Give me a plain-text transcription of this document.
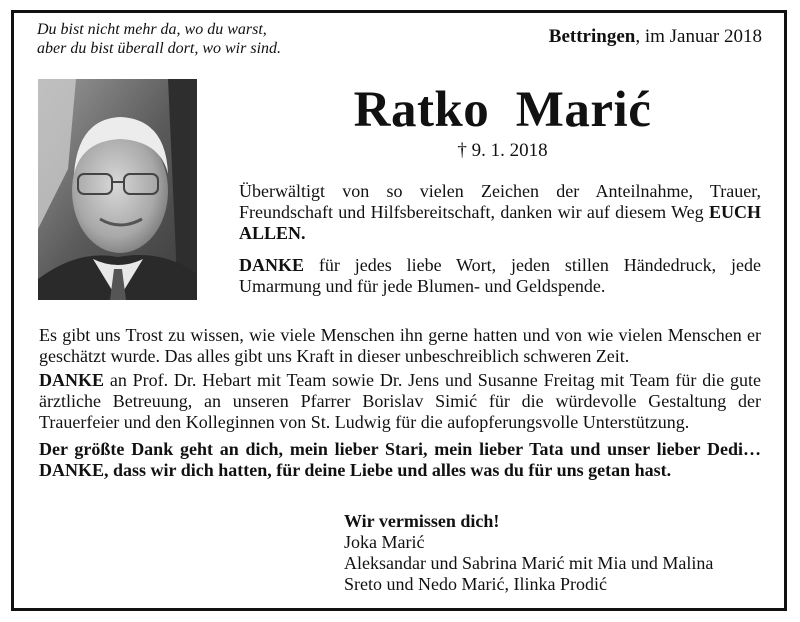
Du bist nicht mehr da, wo du warst,
aber du bist überall dort, wo wir sind.
Bettringen, im Januar 2018
Ratko  Marić
† 9. 1. 2018
Überwältigt von so vielen Zeichen der Anteilnahme, Trauer, Freundschaft und Hilfsbereitschaft, danken wir auf diesem Weg EUCH ALLEN.
DANKE für jedes liebe Wort, jeden stillen Händedruck, jede Umarmung und für jede Blumen- und Geldspende.
Es gibt uns Trost zu wissen, wie viele Menschen ihn gerne hatten und von wie vielen Menschen er geschätzt wurde. Das alles gibt uns Kraft in dieser unbeschreiblich schweren Zeit.
DANKE an Prof. Dr. Hebart mit Team sowie Dr. Jens und Susanne Freitag mit Team für die gute ärztliche Betreuung, an unseren Pfarrer Borislav Simić für die würdevolle Gestaltung der Trauerfeier und den Kolleginnen von St. Ludwig für die aufopferungsvolle Unterstützung.
Der größte Dank geht an dich, mein lieber Stari, mein lieber Tata und unser lieber Dedi… DANKE, dass wir dich hatten, für deine Liebe und alles was du für uns getan hast.
Wir vermissen dich!
Joka Marić
Aleksandar und Sabrina Marić mit Mia und Malina
Sreto und Nedo Marić, Ilinka Prodić
